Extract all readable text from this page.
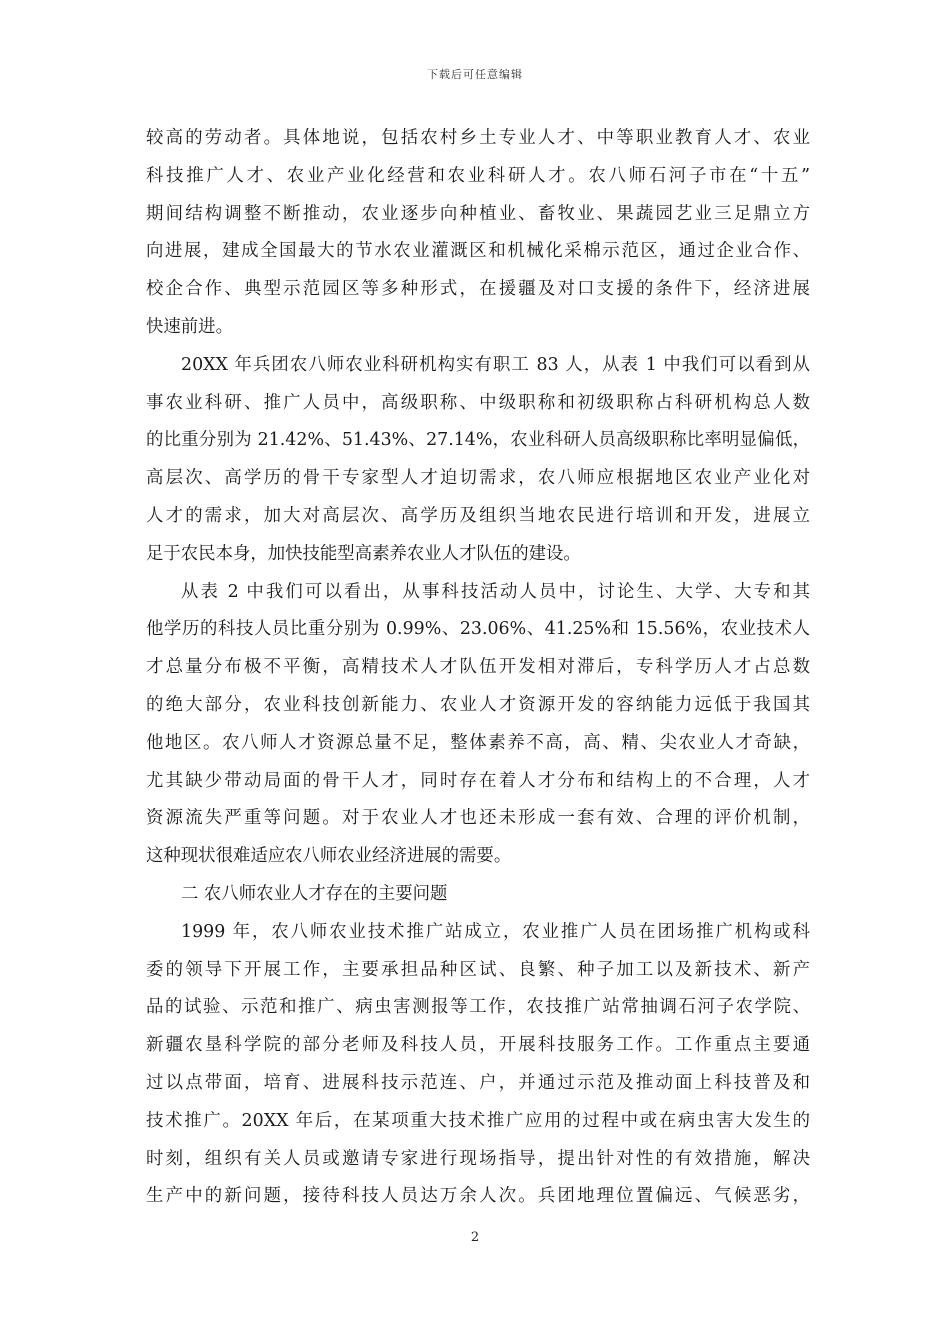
下载后可任意编辑

较高的劳动者。具体地说，包括农村乡土专业人才、中等职业教育人才、农业
科技推广人才、农业产业化经营和农业科研人才。农八师石河子市在“十五”
期间结构调整不断推动，农业逐步向种植业、畜牧业、果蔬园艺业三足鼎立方
向进展，建成全国最大的节水农业灌溉区和机械化采棉示范区，通过企业合作、
校企合作、典型示范园区等多种形式，在援疆及对口支援的条件下，经济进展
快速前进。

20XX 年兵团农八师农业科研机构实有职工 83 人，从表 1 中我们可以看到从
事农业科研、推广人员中，高级职称、中级职称和初级职称占科研机构总人数
的比重分别为 21.42%、51.43%、27.14%，农业科研人员高级职称比率明显偏低，
高层次、高学历的骨干专家型人才迫切需求，农八师应根据地区农业产业化对
人才的需求，加大对高层次、高学历及组织当地农民进行培训和开发，进展立
足于农民本身，加快技能型高素养农业人才队伍的建设。

从表 2 中我们可以看出，从事科技活动人员中，讨论生、大学、大专和其
他学历的科技人员比重分别为 0.99%、23.06%、41.25%和 15.56%，农业技术人
才总量分布极不平衡，高精技术人才队伍开发相对滞后，专科学历人才占总数
的绝大部分，农业科技创新能力、农业人才资源开发的容纳能力远低于我国其
他地区。农八师人才资源总量不足，整体素养不高，高、精、尖农业人才奇缺，
尤其缺少带动局面的骨干人才，同时存在着人才分布和结构上的不合理，人才
资源流失严重等问题。对于农业人才也还未形成一套有效、合理的评价机制，
这种现状很难适应农八师农业经济进展的需要。

二 农八师农业人才存在的主要问题

1999 年，农八师农业技术推广站成立，农业推广人员在团场推广机构或科
委的领导下开展工作，主要承担品种区试、良繁、种子加工以及新技术、新产
品的试验、示范和推广、病虫害测报等工作，农技推广站常抽调石河子农学院、
新疆农垦科学院的部分老师及科技人员，开展科技服务工作。工作重点主要通
过以点带面，培育、进展科技示范连、户，并通过示范及推动面上科技普及和
技术推广。20XX 年后，在某项重大技术推广应用的过程中或在病虫害大发生的
时刻，组织有关人员或邀请专家进行现场指导，提出针对性的有效措施，解决
生产中的新问题，接待科技人员达万余人次。兵团地理位置偏远、气候恶劣，

2
